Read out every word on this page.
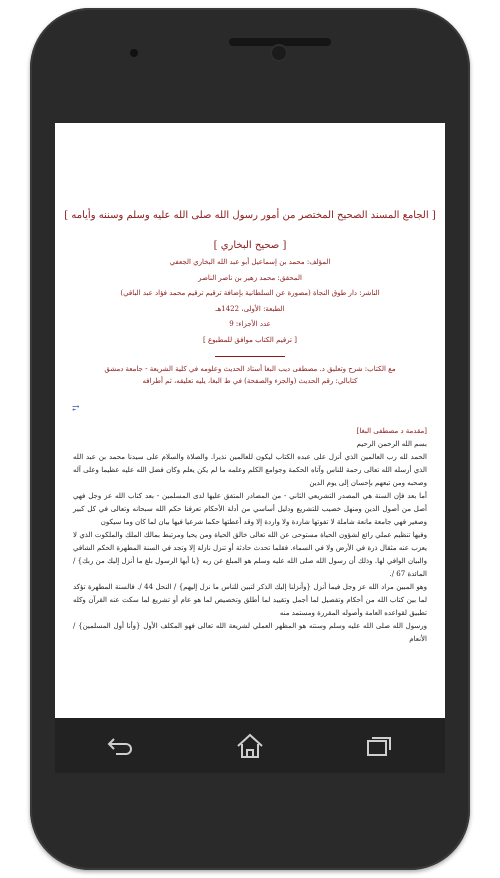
[ الجامع المسند الصحيح المختصر من أمور رسول الله صلى الله عليه وسلم وسننه وأيامه ]
[ صحيح البخاري ]
المؤلف: محمد بن إسماعيل أبو عبد الله البخاري الجعفي
المحقق: محمد زهير بن ناصر الناصر
الناشر: دار طوق النجاة (مصورة عن السلطانية بإضافة ترقيم ترقيم محمد فؤاد عبد الباقي)
الطبعة: الأولى، 1422هـ
عدد الأجزاء: 9
[ ترقيم الكتاب موافق للمطبوع ]
مع الكتاب: شرح وتعليق د. مصطفى ديب البغا أستاذ الحديث وعلومه في كلية الشريعة - جامعة دمشق
كتابالي: رقم الحديث (والجزء والصفحة) في ط البغا، يليه تعليقه، ثم أطرافه
⥂

[مقدمة د مصطفى البغا]

بسم الله الرحمن الرحيم

الحمد لله رب العالمين الذي أنزل على عبده الكتاب ليكون للعالمين نذيرا. والصلاة والسلام على سيدنا محمد بن عبد الله الذي أرسله الله تعالى رحمة للناس وآتاه الحكمة وجوامع الكلم وعلمه ما لم يكن يعلم وكان فضل الله عليه عظيما وعلى آله وصحبه ومن تبعهم بإحسان إلى يوم الدين

أما بعد فإن السنة هي المصدر التشريعي الثاني - من المصادر المتفق عليها لدى المسلمين - بعد كتاب الله عز وجل فهي أصل من أصول الدين ومنهل خصيب للتشريع ودليل أساسي من أدلة الأحكام تعرفنا حكم الله سبحانه وتعالى في كل كبير وصغير فهي جامعة مانعة شاملة لا تفوتها شاردة ولا واردة إلا وقد أعطتها حكما شرعيا فيها بيان لما كان وما سيكون

وفيها تنظيم عملي رائع لشؤون الحياة مستوحى عن الله تعالى خالق الحياة ومن يحيا ومرتبط بمالك الملك والملكوت الذي لا يعزب عنه مثقال ذرة في الأرض ولا في السماء. فقلما تحدث حادثة أو تنزل نازلة إلا وتجد في السنة المطهرة الحكم الشافي والبيان الوافي لها. وذلك أن رسول الله صلى الله عليه وسلم هو المبلغ عن ربه {يا أيها الرسول بلغ ما أنزل إليك من ربك} / المائدة 67 /.

وهو المبين مراد الله عز وجل فيما أنزل {وأنزلنا إليك الذكر لتبين للناس ما نزل إليهم} / النحل 44 /. فالسنة المطهرة تؤكد لما بين كتاب الله من أحكام وتفصيل لما أجمل وتقييد لما أطلق وتخصيص لما هو عام أو تشريع لما سكت عنه القرآن وكله تطبيق لقواعده العامة وأصوله المقررة ومستمد منه

ورسول الله صلى الله عليه وسلم وسنته هو المظهر العملي لشريعة الله تعالى فهو المكلف الأول {وأنا أول المسلمين} / الأنعام
